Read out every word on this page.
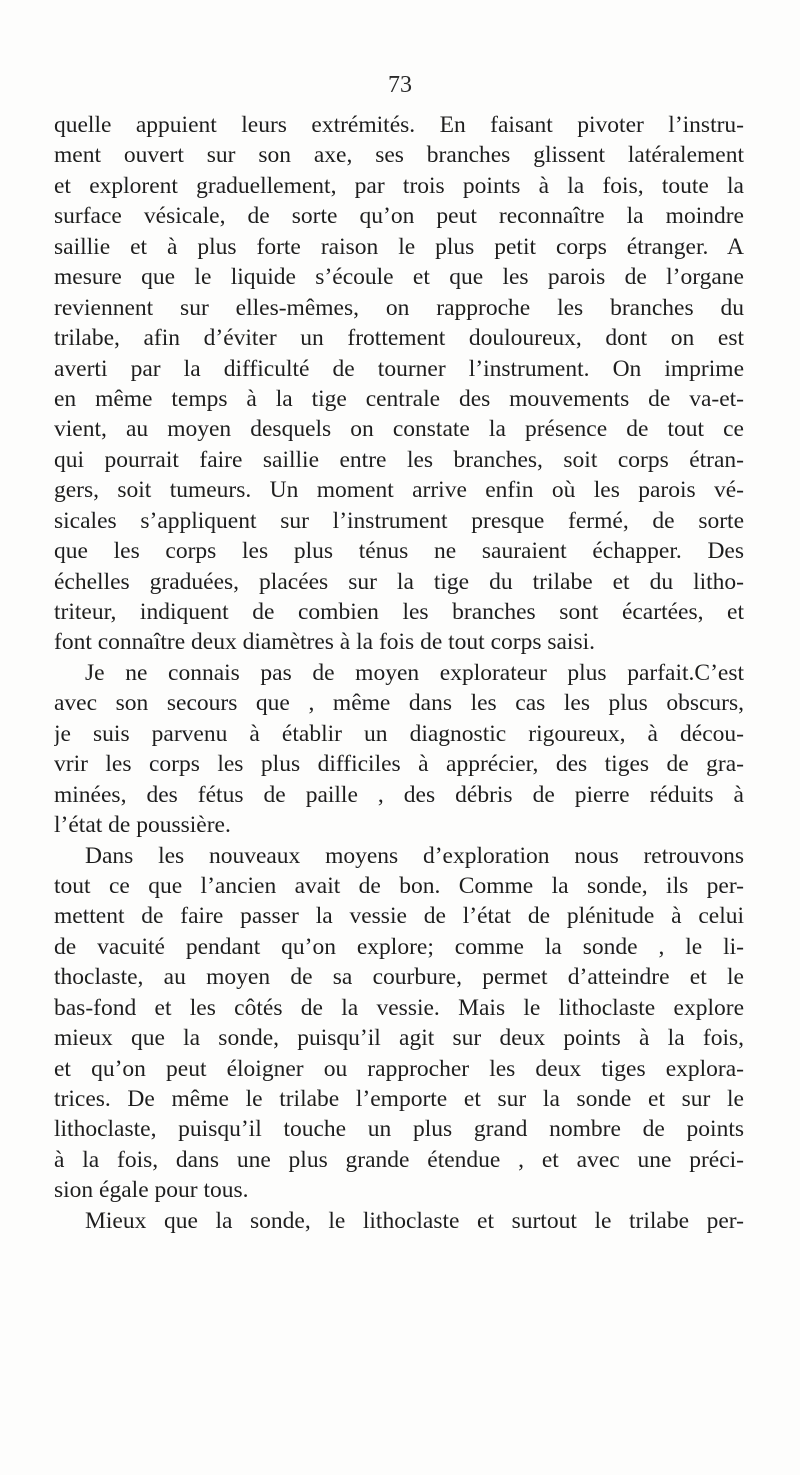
73
quelle appuient leurs extrémités. En faisant pivoter l’instru-
ment ouvert sur son axe, ses branches glissent latéralement
et explorent graduellement, par trois points à la fois, toute la
surface vésicale, de sorte qu’on peut reconnaître la moindre
saillie et à plus forte raison le plus petit corps étranger. A
mesure que le liquide s’écoule et que les parois de l’organe
reviennent sur elles-mêmes, on rapproche les branches du
trilabe, afin d’éviter un frottement douloureux, dont on est
averti par la difficulté de tourner l’instrument. On imprime
en même temps à la tige centrale des mouvements de va-et-
vient, au moyen desquels on constate la présence de tout ce
qui pourrait faire saillie entre les branches, soit corps étran-
gers, soit tumeurs. Un moment arrive enfin où les parois vé-
sicales s’appliquent sur l’instrument presque fermé, de sorte
que les corps les plus ténus ne sauraient échapper. Des
échelles graduées, placées sur la tige du trilabe et du litho-
triteur, indiquent de combien les branches sont écartées, et
font connaître deux diamètres à la fois de tout corps saisi.
Je ne connais pas de moyen explorateur plus parfait.C’est
avec son secours que , même dans les cas les plus obscurs,
je suis parvenu à établir un diagnostic rigoureux, à décou-
vrir les corps les plus difficiles à apprécier, des tiges de gra-
minées, des fétus de paille , des débris de pierre réduits à
l’état de poussière.
Dans les nouveaux moyens d’exploration nous retrouvons
tout ce que l’ancien avait de bon. Comme la sonde, ils per-
mettent de faire passer la vessie de l’état de plénitude à celui
de vacuité pendant qu’on explore; comme la sonde , le li-
thoclaste, au moyen de sa courbure, permet d’atteindre et le
bas-fond et les côtés de la vessie. Mais le lithoclaste explore
mieux que la sonde, puisqu’il agit sur deux points à la fois,
et qu’on peut éloigner ou rapprocher les deux tiges explora-
trices. De même le trilabe l’emporte et sur la sonde et sur le
lithoclaste, puisqu’il touche un plus grand nombre de points
à la fois, dans une plus grande étendue , et avec une préci-
sion égale pour tous.
Mieux que la sonde, le lithoclaste et surtout le trilabe per-
